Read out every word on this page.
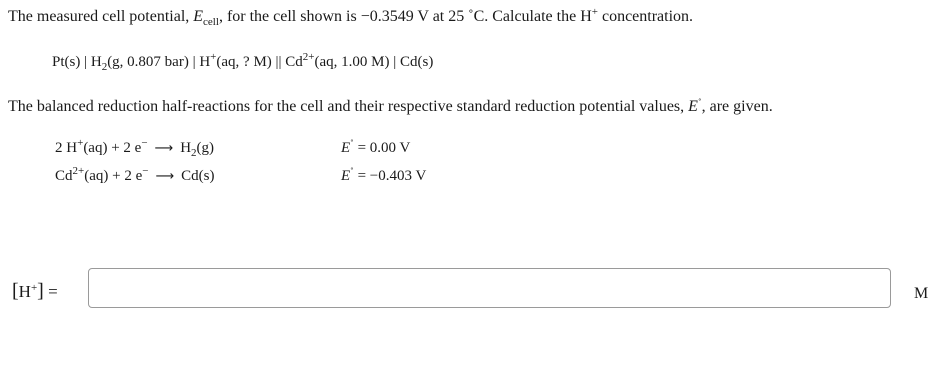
The measured cell potential, $E_{cell}$, for the cell shown is −0.3549 V at 25 ˚C. Calculate the H+ concentration.
Pt(s) | $H_2(g$, 0.807 bar) | H+(aq, ? M) || $Cd^{2+}(aq$, 1.00 M) | Cd(s)
The balanced reduction half-reactions for the cell and their respective standard reduction potential values, E˚, are given.
2 H+(aq) + 2 e− ⟶ $H_2(g)$	E˚ = 0.00 V
$Cd^{2+}(aq) + 2$ e− ⟶ Cd(s)	E˚ = −0.403 V
[H+] =	M
